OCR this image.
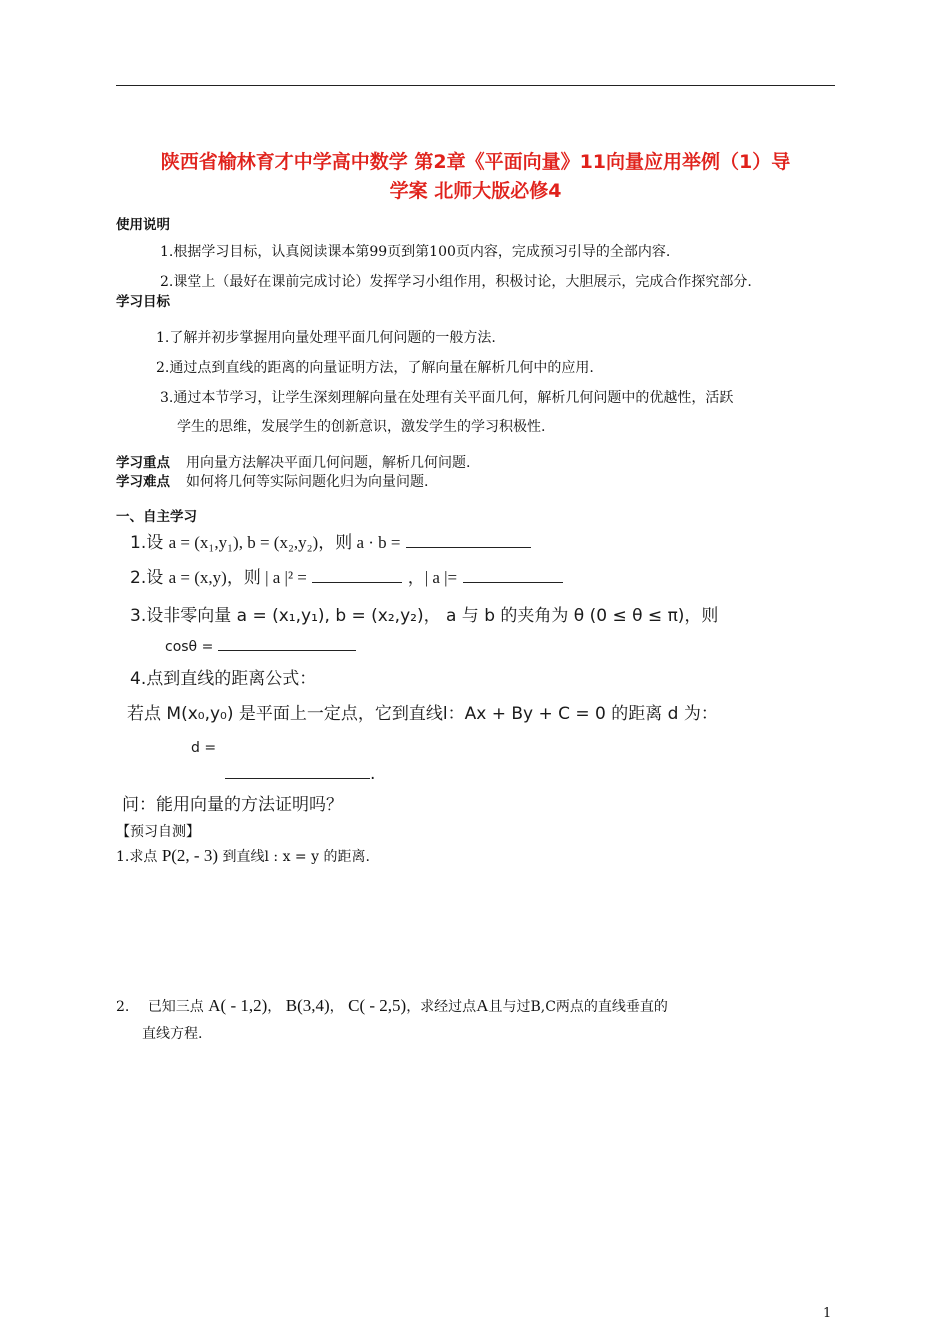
陕西省榆林育才中学高中数学 第2章《平面向量》11向量应用举例（1）导
学案 北师大版必修4
使用说明
1.根据学习目标，认真阅读课本第99页到第100页内容，完成预习引导的全部内容.
2.课堂上（最好在课前完成讨论）发挥学习小组作用，积极讨论，大胆展示，完成合作探究部分.
学习目标
1.了解并初步掌握用向量处理平面几何问题的一般方法.
2.通过点到直线的距离的向量证明方法，了解向量在解析几何中的应用.
3.通过本节学习，让学生深刻理解向量在处理有关平面几何，解析几何问题中的优越性，活跃
学生的思维，发展学生的创新意识，激发学生的学习积极性.
学习重点 用向量方法解决平面几何问题，解析几何问题.
学习难点 如何将几何等实际问题化归为向量问题.
一、自主学习
1.设 a = (x₁,y₁), b = (x₂,y₂)，则 a · b =
2.设 a = (x,y)，则 | a |² =	，| a |=
3.设非零向量 a = (x₁,y₁), b = (x₂,y₂)， a 与 b 的夹角为 θ (0 ≤ θ ≤ π)，则
cosθ =
4.点到直线的距离公式：
若点 M(x₀,y₀) 是平面上一定点，它到直线l：Ax + By + C = 0 的距离 d 为：
d =
.
问：能用向量的方法证明吗？
【预习自测】
1.求点 P(2, - 3) 到直线l : x = y 的距离.
2. 已知三点 A( - 1,2)， B(3,4)， C( - 2,5)，求经过点A且与过B,C两点的直线垂直的
直线方程.
1
